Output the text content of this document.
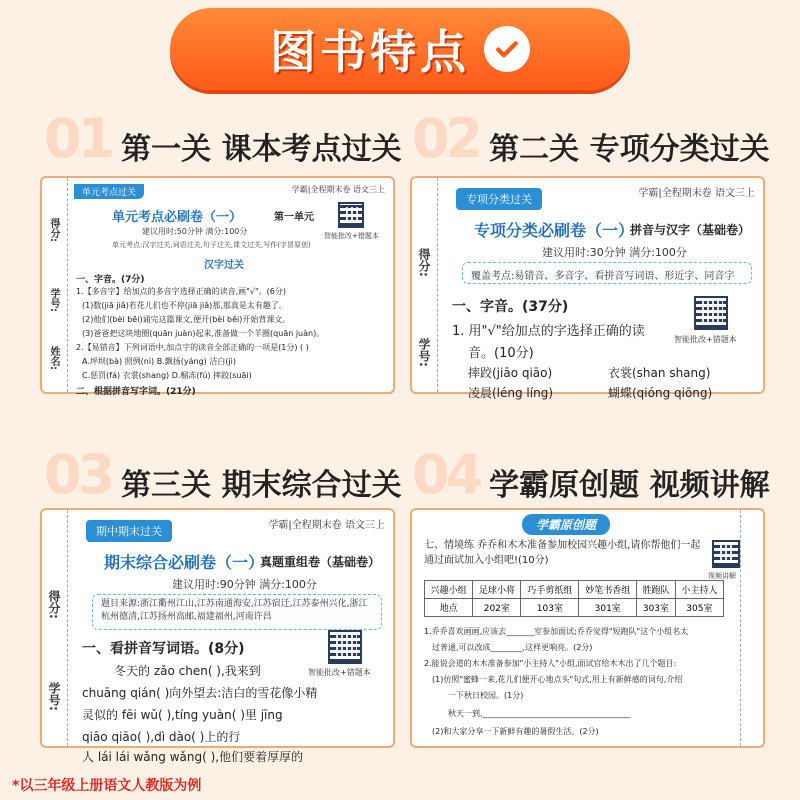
图书特点
01 第一关 课本考点过关 02 第二关 专项分类过关
03 第三关 期末综合过关 04 学霸原创题 视频讲解
得分:
学号:
姓名:
单元考点过关	学霸|全程期末卷 语文三上
单元考点必刷卷（一）	第一单元
建议用时:50分钟 满分:100分	智能批改+错题本
单元考点:汉字过关,词语过关,句子过关,课文过关,写作(字冒原创)
汉字过关
一、字音。(7分)
1.【多音字】给加点的多音字选择正确的读音,画"√"。(6分)
(1)数(jiā jiǎ)若花儿们也不停(jiā jiǎ)那,那真是太有趣了。
(2)他们(bèi bēi)诵完这篇课文,便开(bèi bēi)开始背课文。
(3)爸爸把这块地圈(quān juàn)起来,准备做一个羊圈(quān juàn)。
2.【易错音】下列词语中,加点字的读音全部正确的一项是(1分) ( )
A.坪坝(bà) 照例(nì) B.飘扬(yáng) 洁白(jì)
C.惩罚(fá) 衣裳(shang) D.榴冻(fú) 摔跤(suāi)
二、根据拼音写字词。(21分)
得分:
学号:
专项分类过关	学霸|全程期末卷 语文三上
专项分类必刷卷（一）
拼音与汉字（基础卷）
建议用时:30分钟 满分:100分
覆盖考点:易错音、多音字、看拼音写词语、形近字、同音字
一、字音。(37分)
智能批改+错题本
1. 用"√"给加点的字选择正确的读
音。(10分)
摔跤(jiāo qiāo)	衣裳(shan shang)
凌晨(léng líng)	蝴蝶(qióng qiōng)
得分:
学号:
期中期末过关	学霸|全程期末卷 语文三上
期末综合必刷卷（一）
真题重组卷（基础卷）
建议用时:90分钟 满分:100分
题目来源:浙江衢州江山,江苏南通海安,江苏宿迁,江苏泰州兴化,浙江杭州德清,江苏扬州高邮,福建福州,河南许昌
一、看拼音写词语。(8分)
智能批改+错题本
冬天的 zǎo chen( ),我来到
chuāng qián( )向外望去:洁白的雪花像小精
灵似的 fēi wǔ( ),tíng yuàn( )里 jīng
qiāo qiāo( ),dì dào( )上的行
人 lái lái wǎng wǎng( ),他们要着厚厚的
学霸原创题
七、情境练 乔乔和木木准备参加校园兴趣小组,请你帮他们一起通过面试加入小组吧!(10分)
视频讲解
兴趣小组	足球小将	巧手剪纸组	妙笔书香组	胜跑队	小主持人
地点	202室	103室	301室	303室	305室
1.乔乔喜欢画画,应该去_______室参加面试;乔乔觉得"短跑队"这个小组名太
过普通,可以改成________,这样更响亮。(2分)
2.能说会道的木木准备参加"小主持人"小组,面试官给木木出了几个题目:
(1)仿照"蜜蜂一来,花儿们便开心地点头"句式,用上有新鲜感的词句,介绍
一下秋日校园。(1分)
秋天一到,_____________________________________
(2)和大家分享一下新鲜有趣的暑假生活。(2分)
*以三年级上册语文人教版为例
